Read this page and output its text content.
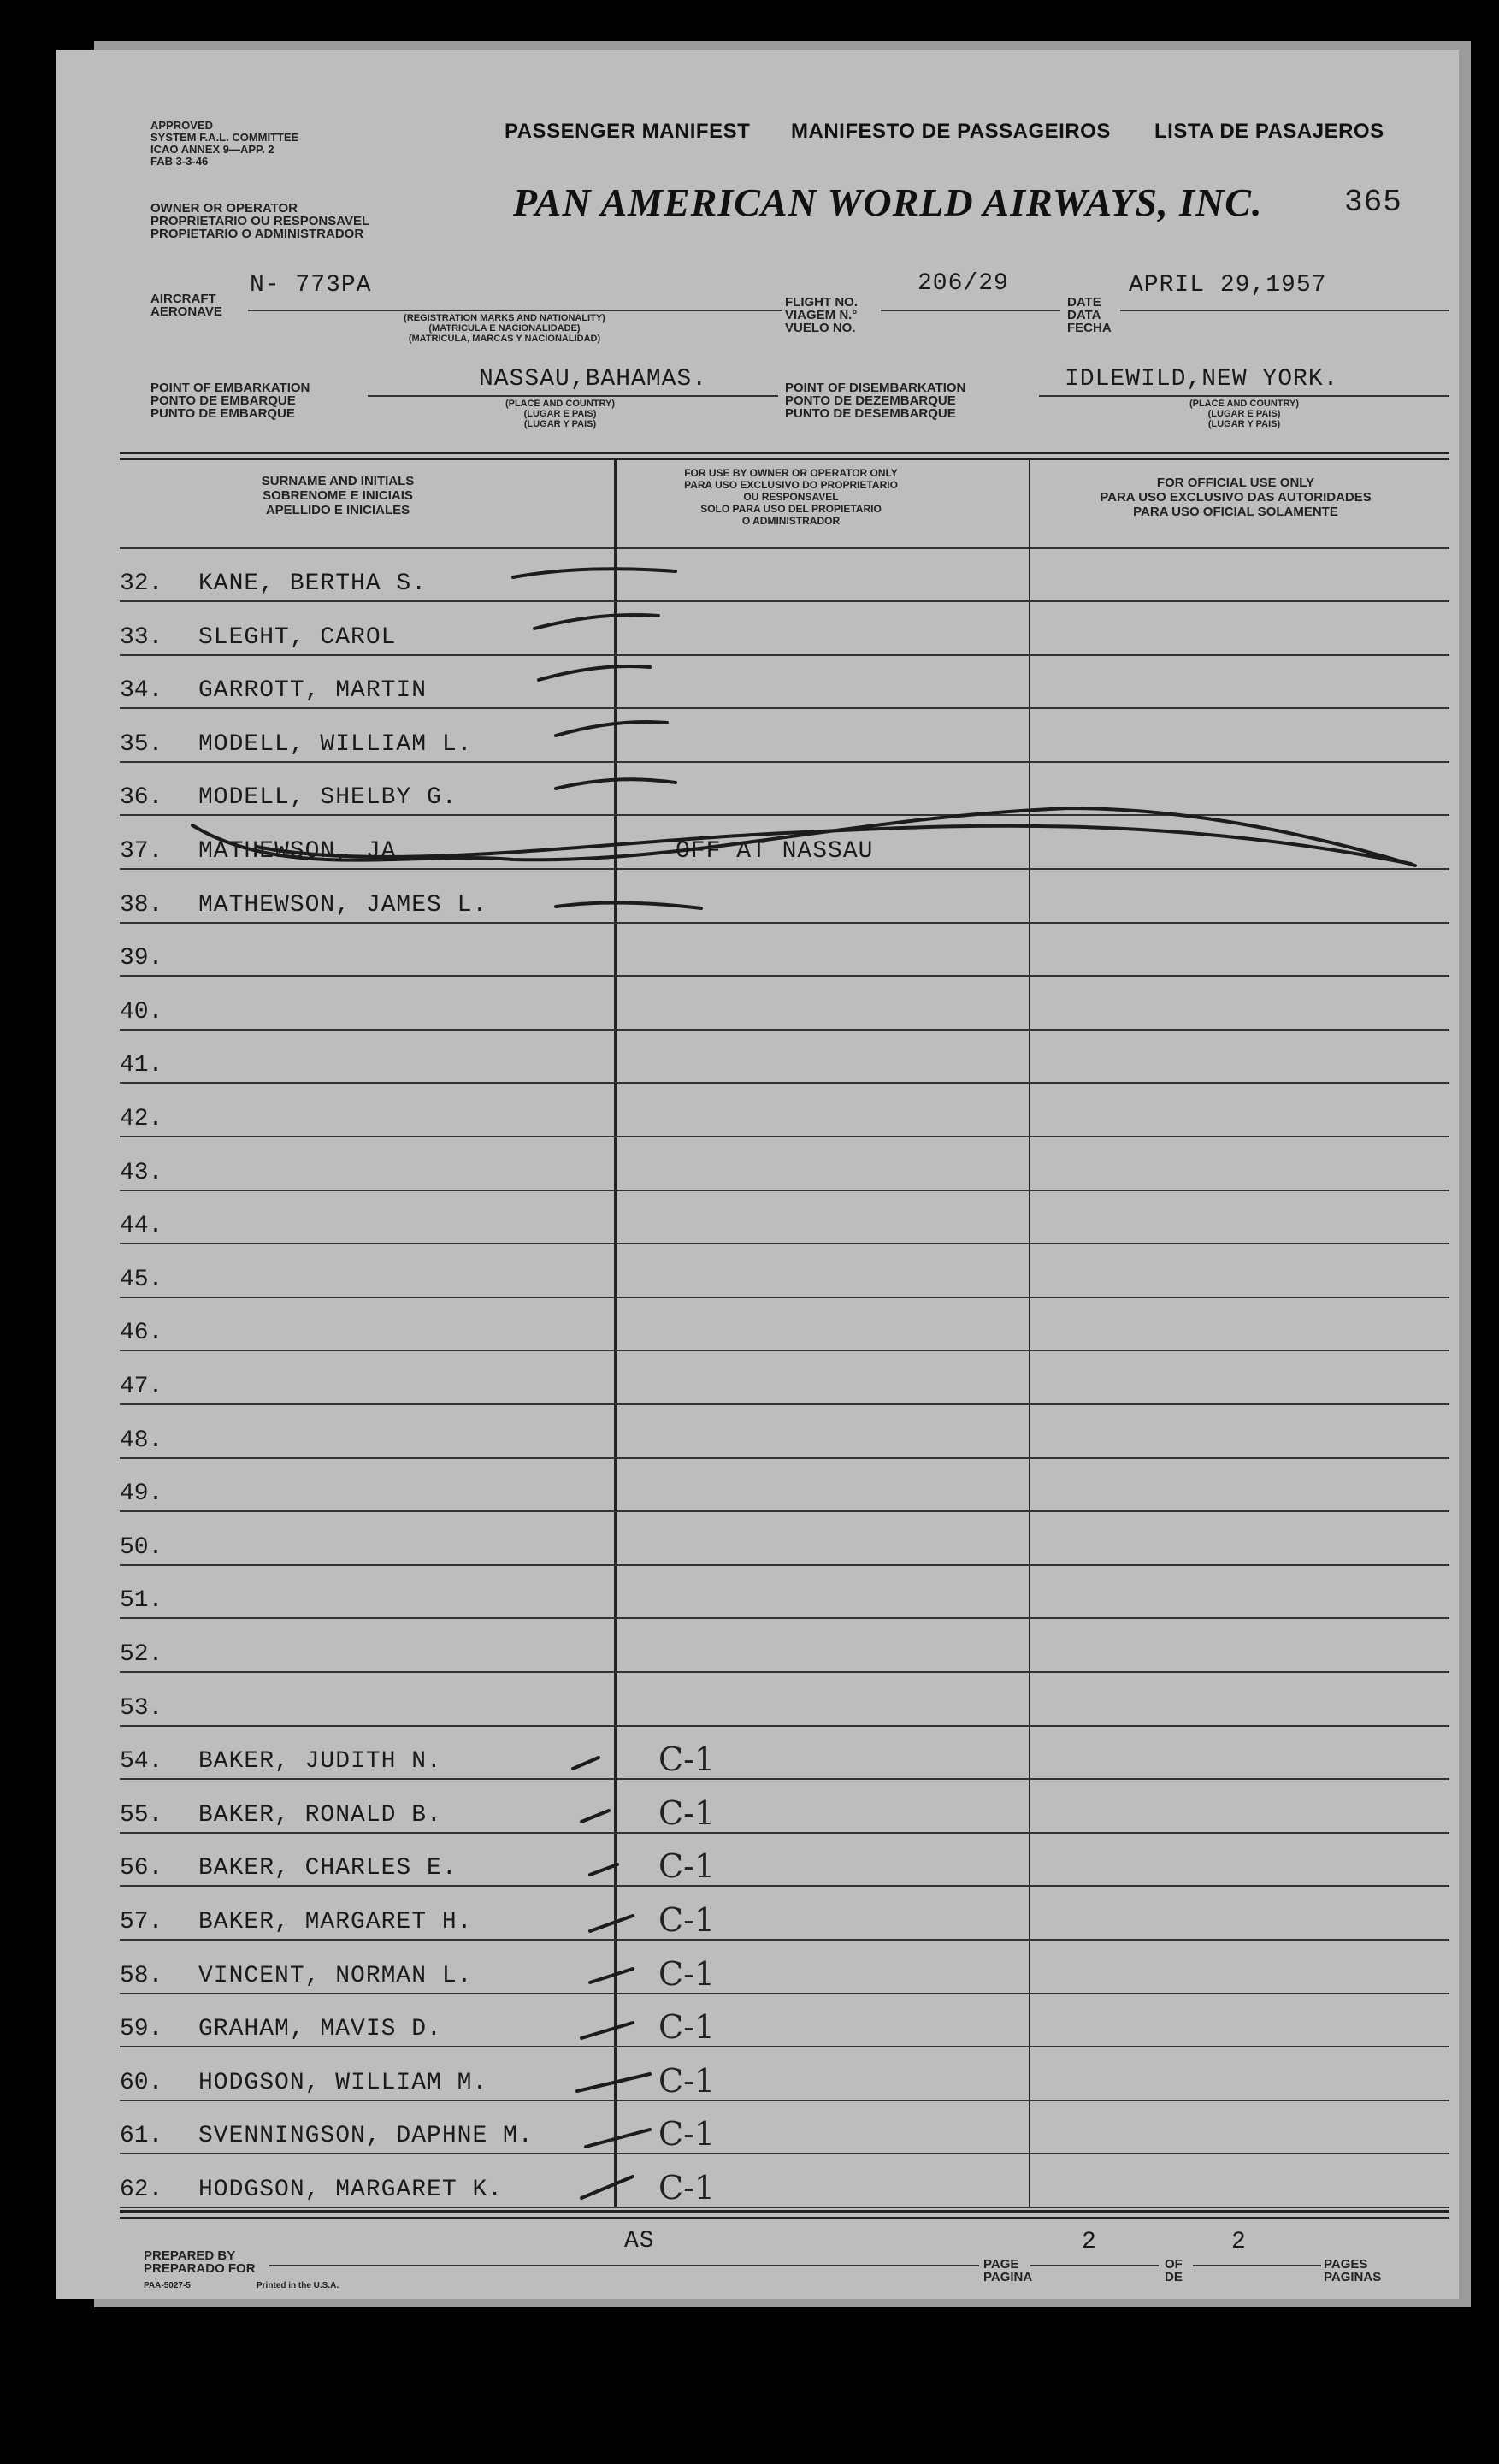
APPROVED
SYSTEM F.A.L. COMMITTEE
ICAO ANNEX 9—APP. 2
FAB 3-3-46
OWNER OR OPERATOR
PROPRIETARIO OU RESPONSAVEL
PROPIETARIO O ADMINISTRADOR
PASSENGER MANIFEST MANIFESTO DE PASSAGEIROS LISTA DE PASAJEROS
PAN AMERICAN WORLD AIRWAYS, INC.	365
AIRCRAFT
AERONAVE
N- 773PA
(REGISTRATION MARKS AND NATIONALITY)
(MATRICULA E NACIONALIDADE)
(MATRICULA, MARCAS Y NACIONALIDAD)
FLIGHT NO.
VIAGEM N.°
VUELO NO.
206/29
DATE
DATA
FECHA
APRIL 29,1957
POINT OF EMBARKATION
PONTO DE EMBARQUE
PUNTO DE EMBARQUE
NASSAU,BAHAMAS.
(PLACE AND COUNTRY)
(LUGAR E PAIS)
(LUGAR Y PAIS)
POINT OF DISEMBARKATION
PONTO DE DEZEMBARQUE
PUNTO DE DESEMBARQUE
IDLEWILD,NEW YORK.
(PLACE AND COUNTRY)
(LUGAR E PAIS)
(LUGAR Y PAIS)
SURNAME AND INITIALS
SOBRENOME E INICIAIS
APELLIDO E INICIALES
FOR USE BY OWNER OR OPERATOR ONLY
PARA USO EXCLUSIVO DO PROPRIETARIO
OU RESPONSAVEL
SOLO PARA USO DEL PROPIETARIO
O ADMINISTRADOR
FOR OFFICIAL USE ONLY
PARA USO EXCLUSIVO DAS AUTORIDADES
PARA USO OFICIAL SOLAMENTE
32. KANE, BERTHA S.
33. SLEGHT, CAROL
34. GARROTT, MARTIN
35. MODELL, WILLIAM L.
36. MODELL, SHELBY G.
37. MATHEWSON, JA	OFF AT NASSAU
38. MATHEWSON, JAMES L.
39.
40.
41.
42.
43.
44.
45.
46.
47.
48.
49.
50.
51.
52.
53.
54. BAKER, JUDITH N.	C-1
55. BAKER, RONALD B.	C-1
56. BAKER, CHARLES E.	C-1
57. BAKER, MARGARET H.	C-1
58. VINCENT, NORMAN L.	C-1
59. GRAHAM, MAVIS D.	C-1
60. HODGSON, WILLIAM M.	C-1
61. SVENNINGSON, DAPHNE M.	C-1
62. HODGSON, MARGARET K.	C-1
PREPARED BY
PREPARADO FOR
PAA-5027-5	Printed in the U.S.A.
AS
PAGE
PAGINA
2
OF
DE
2
PAGES
PAGINAS
